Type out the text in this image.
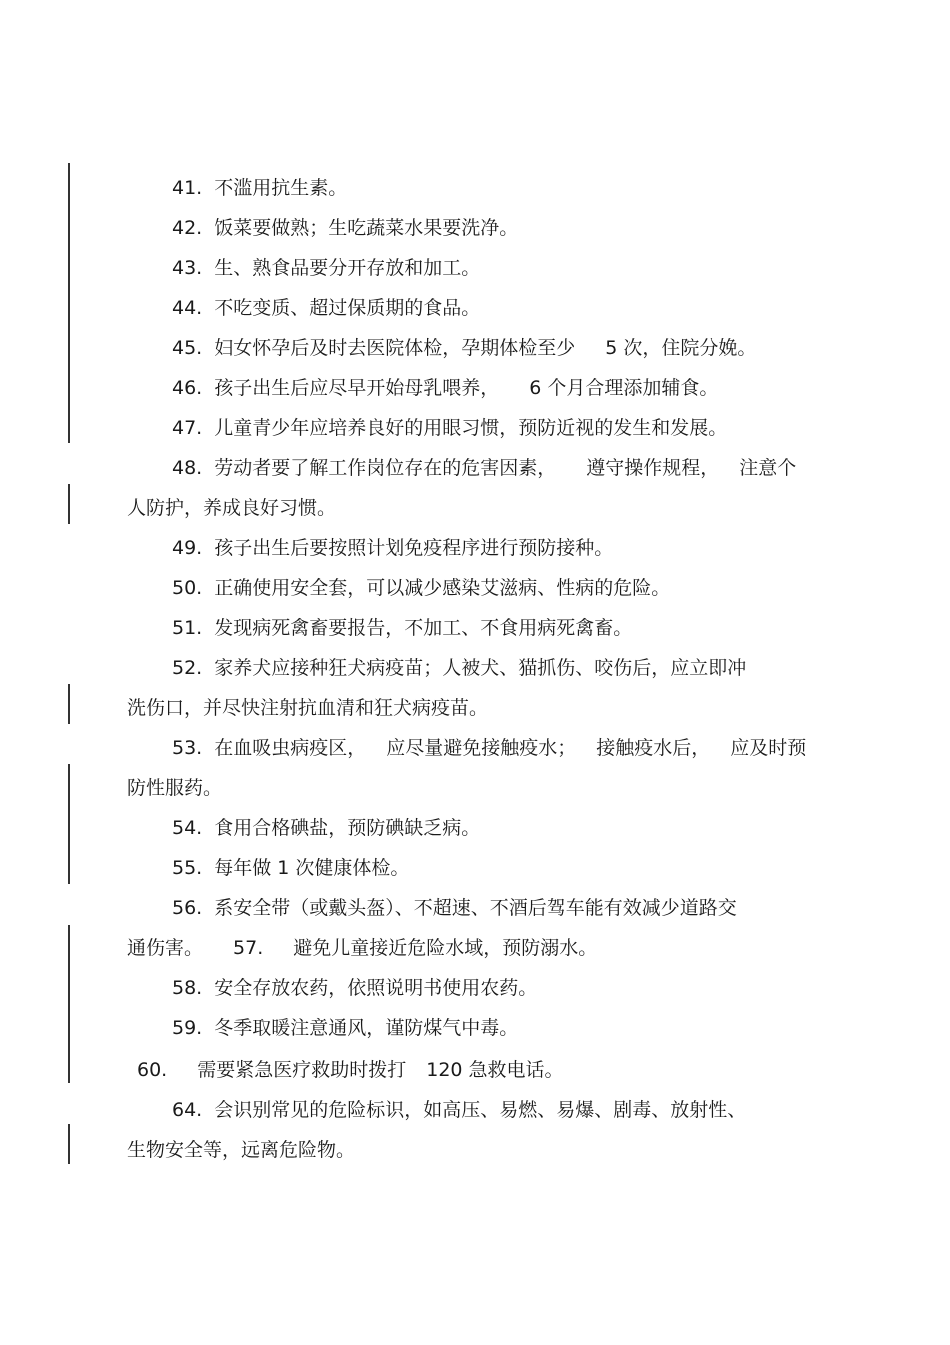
41. 不滥用抗生素。
42. 饭菜要做熟；生吃蔬菜水果要洗净。
43. 生、熟食品要分开存放和加工。
44. 不吃变质、超过保质期的食品。
45. 妇女怀孕后及时去医院体检，孕期体检至少 5 次，住院分娩。
46. 孩子出生后应尽早开始母乳喂养， 6 个月合理添加辅食。
47. 儿童青少年应培养良好的用眼习惯，预防近视的发生和发展。
48. 劳动者要了解工作岗位存在的危害因素， 遵守操作规程， 注意个
人防护，养成良好习惯。
49. 孩子出生后要按照计划免疫程序进行预防接种。
50. 正确使用安全套，可以减少感染艾滋病、性病的危险。
51. 发现病死禽畜要报告，不加工、不食用病死禽畜。
52. 家养犬应接种狂犬病疫苗；人被犬、猫抓伤、咬伤后，应立即冲
洗伤口，并尽快注射抗血清和狂犬病疫苗。
53. 在血吸虫病疫区， 应尽量避免接触疫水； 接触疫水后， 应及时预
防性服药。
54. 食用合格碘盐，预防碘缺乏病。
55. 每年做 1 次健康体检。
56. 系安全带（或戴头盔）、不超速、不酒后驾车能有效减少道路交
通伤害。 57. 避免儿童接近危险水域，预防溺水。
58. 安全存放农药，依照说明书使用农药。
59. 冬季取暖注意通风，谨防煤气中毒。
60. 需要紧急医疗救助时拨打 120 急救电话。
64. 会识别常见的危险标识，如高压、易燃、易爆、剧毒、放射性、
生物安全等，远离危险物。
